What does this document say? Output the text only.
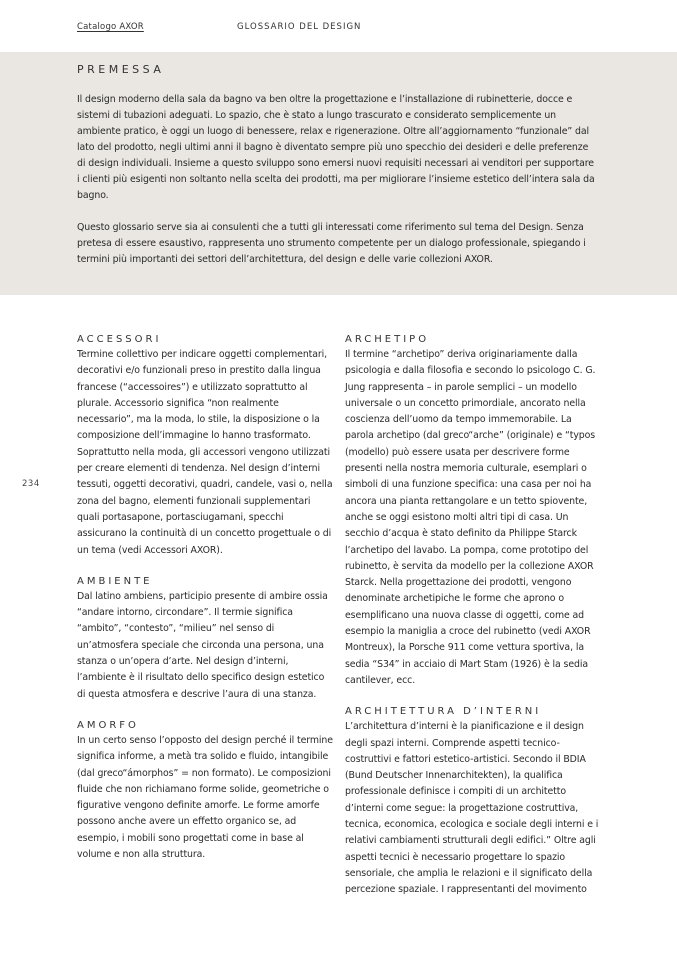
Catalogo AXOR	GLOSSARIO DEL DESIGN
PREMESSA

Il design moderno della sala da bagno va ben oltre la progettazione e l’installazione di rubinetterie, docce e sistemi di tubazioni adeguati. Lo spazio, che è stato a lungo trascurato e considerato semplicemente un ambiente pratico, è oggi un luogo di benessere, relax e rigenerazione. Oltre all’aggiornamento “funzionale” dal lato del prodotto, negli ultimi anni il bagno è diventato sempre più uno specchio dei desideri e delle preferenze di design individuali. Insieme a questo sviluppo sono emersi nuovi requisiti necessari ai venditori per supportare i clienti più esigenti non soltanto nella scelta dei prodotti, ma per migliorare l’insieme estetico dell’intera sala da bagno.

Questo glossario serve sia ai consulenti che a tutti gli interessati come riferimento sul tema del Design. Senza pretesa di essere esaustivo, rappresenta uno strumento competente per un dialogo professionale, spiegando i termini più importanti dei settori dell’architettura, del design e delle varie collezioni AXOR.

234
ACCESSORI

Termine collettivo per indicare oggetti complementari, decorativi e/o funzionali preso in prestito dalla lingua francese (“accessoires”) e utilizzato soprattutto al plurale. Accessorio significa “non realmente necessario”, ma la moda, lo stile, la disposizione o la composizione dell’immagine lo hanno trasformato. Soprattutto nella moda, gli accessori vengono utilizzati per creare elementi di tendenza. Nel design d’interni tessuti, oggetti decorativi, quadri, candele, vasi o, nella zona del bagno, elementi funzionali supplementari quali portasapone, portasciugamani, specchi assicurano la continuità di un concetto progettuale o di un tema (vedi Accessori AXOR).

AMBIENTE

Dal latino ambiens, participio presente di ambire ossia “andare intorno, circondare”. Il termie significa “ambito”, “contesto”, “milieu” nel senso di un’atmosfera speciale che circonda una persona, una stanza o un’opera d’arte. Nel design d’interni, l’ambiente è il risultato dello specifico design estetico di questa atmosfera e descrive l’aura di una stanza.

AMORFO

In un certo senso l’opposto del design perché il termine significa informe, a metà tra solido e fluido, intangibile (dal greco“ámorphos” = non formato). Le composizioni fluide che non richiamano forme solide, geometriche o figurative vengono definite amorfe. Le forme amorfe possono anche avere un effetto organico se, ad esempio, i mobili sono progettati come in base al volume e non alla struttura.

ARCHETIPO

Il termine “archetipo” deriva originariamente dalla psicologia e dalla filosofia e secondo lo psicologo C. G. Jung rappresenta – in parole semplici – un modello universale o un concetto primordiale, ancorato nella coscienza dell’uomo da tempo immemorabile. La parola archetipo (dal greco“arche” (originale) e “typos (modello) può essere usata per descrivere forme presenti nella nostra memoria culturale, esemplari o simboli di una funzione specifica: una casa per noi ha ancora una pianta rettangolare e un tetto spiovente, anche se oggi esistono molti altri tipi di casa. Un secchio d’acqua è stato definito da Philippe Starck l’archetipo del lavabo. La pompa, come prototipo del rubinetto, è servita da modello per la collezione AXOR Starck. Nella progettazione dei prodotti, vengono denominate archetipiche le forme che aprono o esemplificano una nuova classe di oggetti, come ad esempio la maniglia a croce del rubinetto (vedi AXOR Montreux), la Porsche 911 come vettura sportiva, la sedia “S34” in acciaio di Mart Stam (1926) è la sedia cantilever, ecc.

ARCHITETTURA D’INTERNI

L’architettura d’interni è la pianificazione e il design degli spazi interni. Comprende aspetti tecnico-costruttivi e fattori estetico-artistici. Secondo il BDIA (Bund Deutscher Innenarchitekten), la qualifica professionale definisce i compiti di un architetto d’interni come segue: la progettazione costruttiva, tecnica, economica, ecologica e sociale degli interni e i relativi cambiamenti strutturali degli edifici.” Oltre agli aspetti tecnici è necessario progettare lo spazio sensoriale, che amplia le relazioni e il significato della percezione spaziale. I rappresentanti del movimento
